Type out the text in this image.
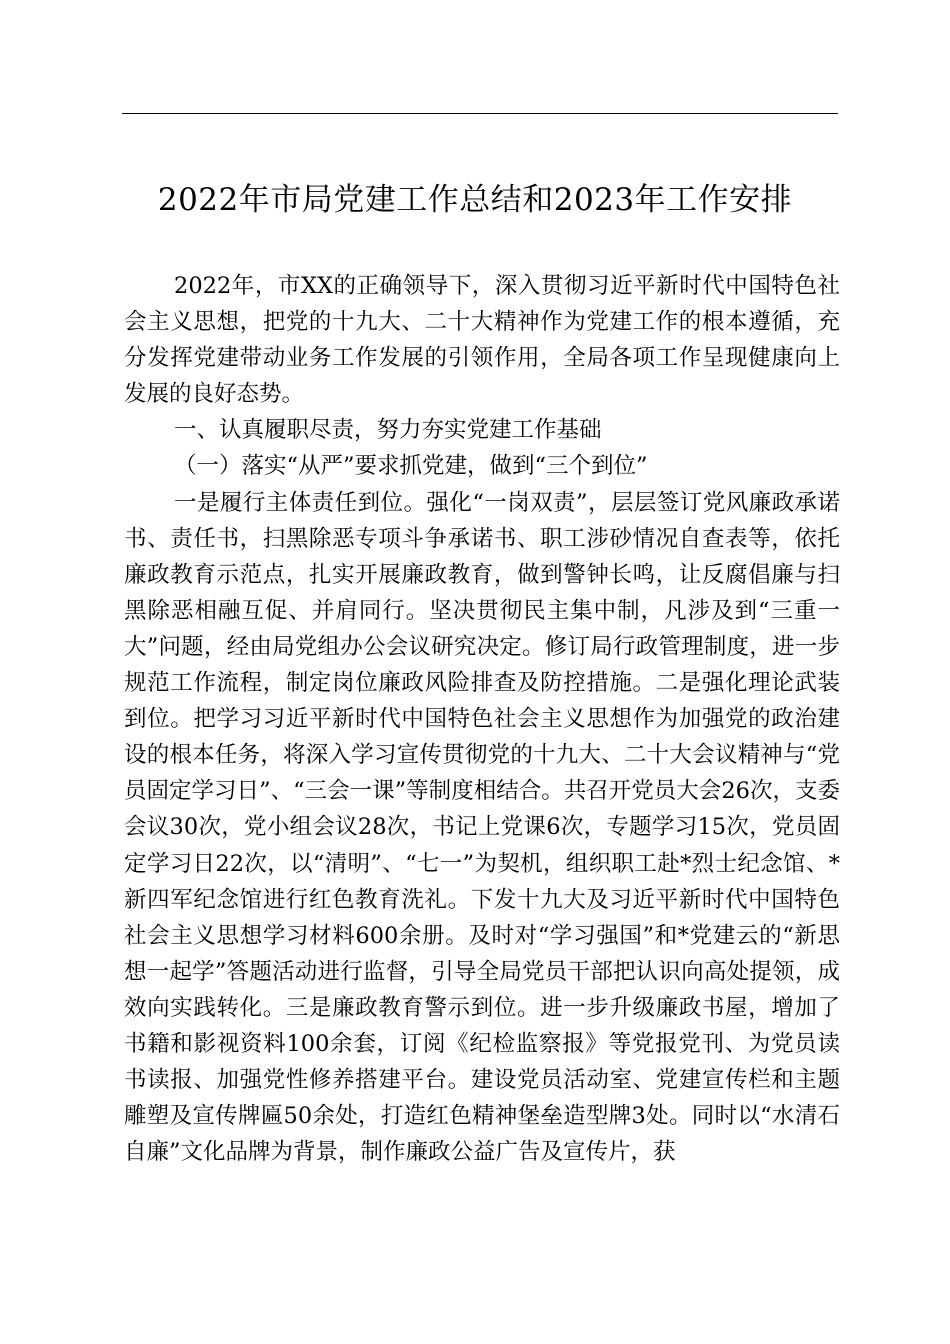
2022年市局党建工作总结和2023年工作安排

2022年，市XX的正确领导下，深入贯彻习近平新时代中国特色社会主义思想，把党的十九大、二十大精神作为党建工作的根本遵循，充分发挥党建带动业务工作发展的引领作用，全局各项工作呈现健康向上发展的良好态势。

一、认真履职尽责，努力夯实党建工作基础

（一）落实“从严”要求抓党建，做到“三个到位”

一是履行主体责任到位。强化“一岗双责”，层层签订党风廉政承诺书、责任书，扫黑除恶专项斗争承诺书、职工涉砂情况自查表等，依托廉政教育示范点，扎实开展廉政教育，做到警钟长鸣，让反腐倡廉与扫黑除恶相融互促、并肩同行。坚决贯彻民主集中制，凡涉及到“三重一大”问题，经由局党组办公会议研究决定。修订局行政管理制度，进一步规范工作流程，制定岗位廉政风险排查及防控措施。二是强化理论武装到位。把学习习近平新时代中国特色社会主义思想作为加强党的政治建设的根本任务，将深入学习宣传贯彻党的十九大、二十大会议精神与“党员固定学习日”、“三会一课”等制度相结合。共召开党员大会26次，支委会议30次，党小组会议28次，书记上党课6次，专题学习15次，党员固定学习日22次，以“清明”、“七一”为契机，组织职工赴*烈士纪念馆、*新四军纪念馆进行红色教育洗礼。下发十九大及习近平新时代中国特色社会主义思想学习材料600余册。及时对“学习强国”和*党建云的“新思想一起学”答题活动进行监督，引导全局党员干部把认识向高处提领，成效向实践转化。三是廉政教育警示到位。进一步升级廉政书屋，增加了书籍和影视资料100余套，订阅《纪检监察报》等党报党刊、为党员读书读报、加强党性修养搭建平台。建设党员活动室、党建宣传栏和主题雕塑及宣传牌匾50余处，打造红色精神堡垒造型牌3处。同时以“水清石自廉”文化品牌为背景，制作廉政公益广告及宣传片，获
